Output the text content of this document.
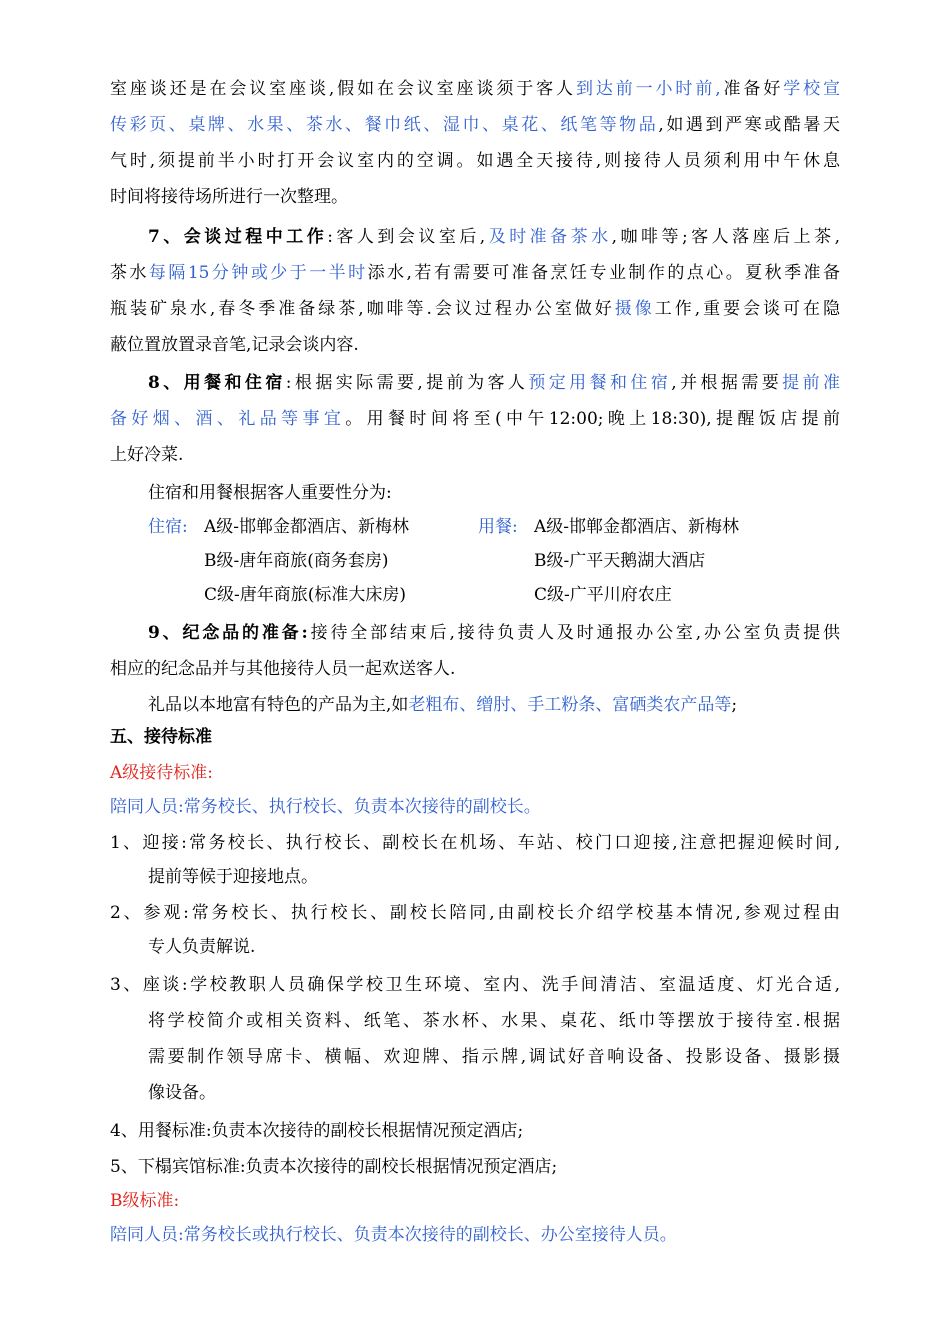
室座谈还是在会议室座谈,假如在会议室座谈须于客人到达前一小时前,准备好学校宣
传彩页、桌牌、水果、茶水、餐巾纸、湿巾、桌花、纸笔等物品,如遇到严寒或酷暑天
气时,须提前半小时打开会议室内的空调。如遇全天接待,则接待人员须利用中午休息
时间将接待场所进行一次整理。
7、会谈过程中工作:客人到会议室后,及时准备茶水,咖啡等;客人落座后上茶,
茶水每隔15分钟或少于一半时添水,若有需要可准备烹饪专业制作的点心。夏秋季准备
瓶装矿泉水,春冬季准备绿茶,咖啡等.会议过程办公室做好摄像工作,重要会谈可在隐
蔽位置放置录音笔,记录会谈内容.
8、用餐和住宿:根据实际需要,提前为客人预定用餐和住宿,并根据需要提前准
备好烟、酒、礼品等事宜。用餐时间将至(中午12:00;晚上18:30),提醒饭店提前
上好冷菜.
住宿和用餐根据客人重要性分为:
住宿: A级-邯郸金都酒店、新梅林	用餐: A级-邯郸金都酒店、新梅林
B级-唐年商旅(商务套房)	B级-广平天鹅湖大酒店
C级-唐年商旅(标准大床房)	C级-广平川府农庄
9、纪念品的准备:接待全部结束后,接待负责人及时通报办公室,办公室负责提供
相应的纪念品并与其他接待人员一起欢送客人.
礼品以本地富有特色的产品为主,如老粗布、缯肘、手工粉条、富硒类农产品等;
五、接待标准
A级接待标准:
陪同人员:常务校长、执行校长、负责本次接待的副校长。
1、迎接:常务校长、执行校长、副校长在机场、车站、校门口迎接,注意把握迎候时间,
提前等候于迎接地点。
2、参观:常务校长、执行校长、副校长陪同,由副校长介绍学校基本情况,参观过程由
专人负责解说.
3、座谈:学校教职人员确保学校卫生环境、室内、洗手间清洁、室温适度、灯光合适,
将学校简介或相关资料、纸笔、茶水杯、水果、桌花、纸巾等摆放于接待室.根据
需要制作领导席卡、横幅、欢迎牌、指示牌,调试好音响设备、投影设备、摄影摄
像设备。
4、用餐标准:负责本次接待的副校长根据情况预定酒店;
5、下榻宾馆标准:负责本次接待的副校长根据情况预定酒店;
B级标准:
陪同人员:常务校长或执行校长、负责本次接待的副校长、办公室接待人员。
